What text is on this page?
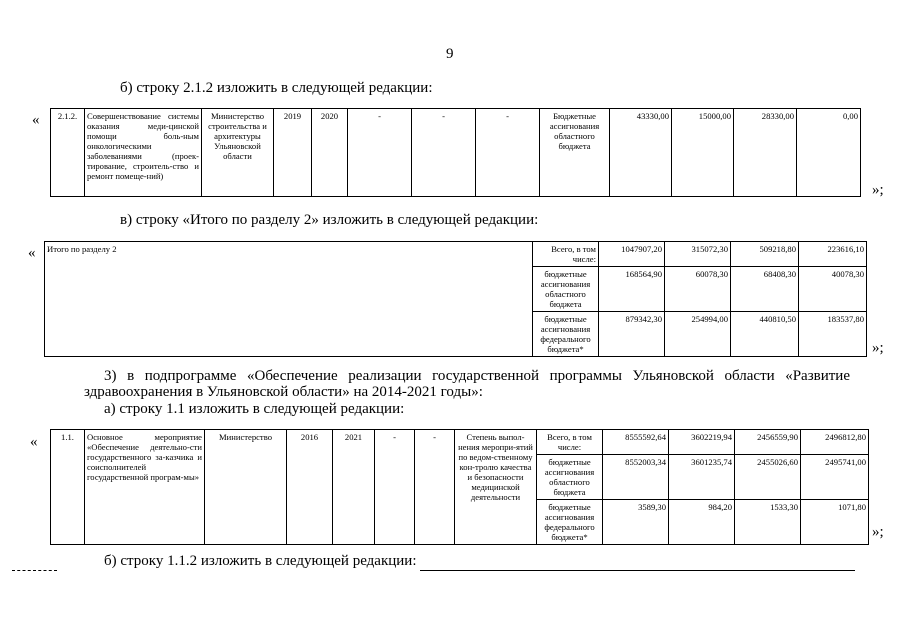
9
б) строку 2.1.2 изложить в следующей редакции:
« 2.1.2.	Совершенствование системы оказания меди-цинской помощи боль-ным онкологическими заболеваниями (проек-тирование, строитель-ство и ремонт помеще-ний)	Министерство строительства и архитектуры Ульяновской области	2019	2020	-	-	-	Бюджетные ассигнования областного бюджета	43330,00	15000,00	28330,00	0,00
»;
в) строку «Итого по разделу 2» изложить в следующей редакции:
« Итого по разделу 2	Всего, в том числе:	1047907,20	315072,30	509218,80	223616,10
	бюджетные ассигнования областного бюджета	168564,90	60078,30	68408,30	40078,30
	бюджетные ассигнования федерального бюджета*	879342,30	254994,00	440810,50	183537,80
»;
3) в подпрограмме «Обеспечение реализации государственной программы Ульяновской области «Развитие
здравоохранения в Ульяновской области» на 2014-2021 годы»:
а) строку 1.1 изложить в следующей редакции:
«	1.1.	Основное мероприятие «Обеспечение деятельно-сти государственного за-казчика и соисполнителей государственной програм-мы»	Министерство	2016	2021	-	-	Степень выпол-нения меропри-ятий по ведом-ственному кон-тролю качества и безопасности медицинской деятельности	Всего, в том числе:	8555592,64	3602219,94	2456559,90	2496812,80
								бюджетные ассигнования областного бюджета	8552003,34	3601235,74	2455026,60	2495741,00
								бюджетные ассигнования федерального бюджета*	3589,30	984,20	1533,30	1071,80
»;
б) строку 1.1.2 изложить в следующей редакции:
